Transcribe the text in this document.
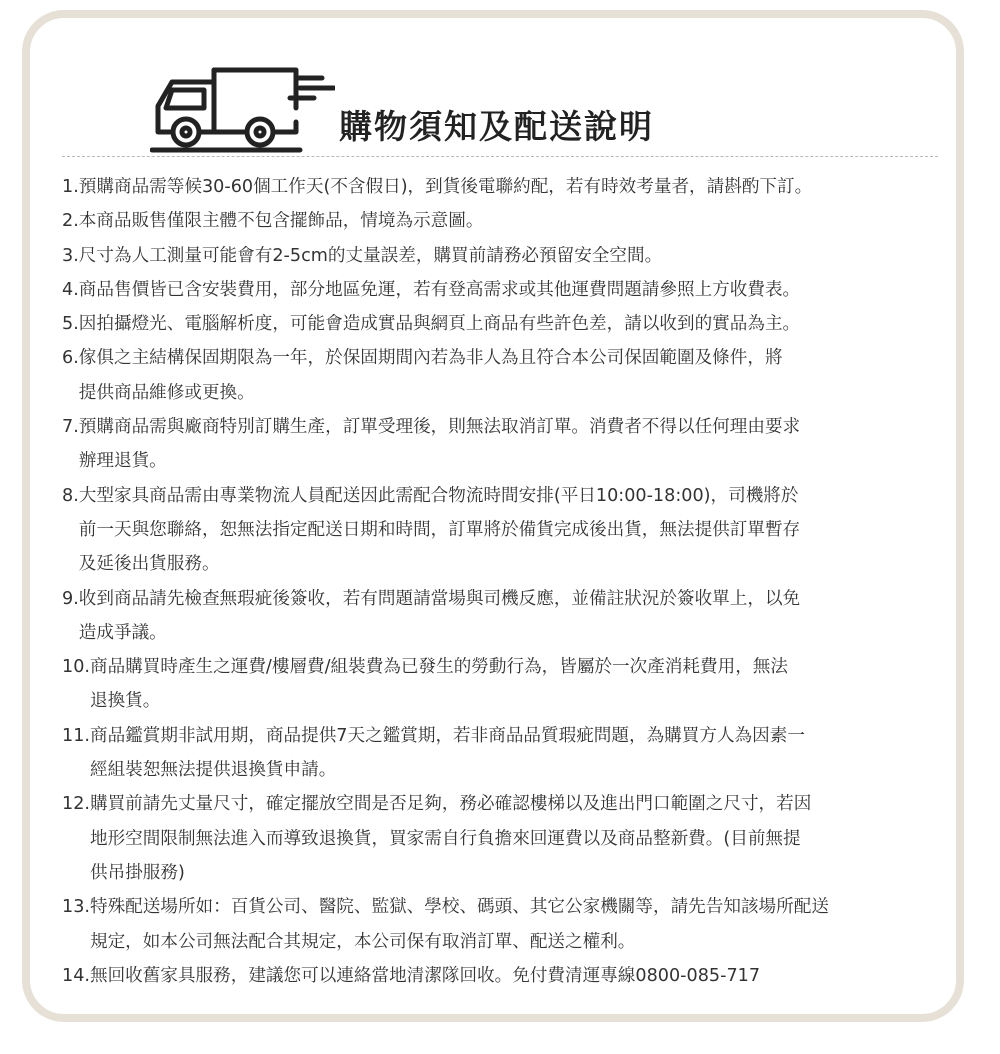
購物須知及配送說明
1. 預購商品需等候30-60個工作天(不含假日)，到貨後電聯約配，若有時效考量者，請斟酌下訂。
2. 本商品販售僅限主體不包含擺飾品，情境為示意圖。
3. 尺寸為人工測量可能會有2-5cm的丈量誤差，購買前請務必預留安全空間。
4. 商品售價皆已含安裝費用，部分地區免運，若有登高需求或其他運費問題請參照上方收費表。
5. 因拍攝燈光、電腦解析度，可能會造成實品與網頁上商品有些許色差，請以收到的實品為主。
6. 傢俱之主結構保固期限為一年，於保固期間內若為非人為且符合本公司保固範圍及條件，將
提供商品維修或更換。
7. 預購商品需與廠商特別訂購生產，訂單受理後，則無法取消訂單。消費者不得以任何理由要求
辦理退貨。
8. 大型家具商品需由專業物流人員配送因此需配合物流時間安排(平日10:00-18:00)，司機將於
前一天與您聯絡，恕無法指定配送日期和時間，訂單將於備貨完成後出貨，無法提供訂單暫存
及延後出貨服務。
9. 收到商品請先檢查無瑕疵後簽收，若有問題請當場與司機反應，並備註狀況於簽收單上，以免
造成爭議。
10. 商品購買時產生之運費/樓層費/組裝費為已發生的勞動行為，皆屬於一次產消耗費用，無法
退換貨。
11. 商品鑑賞期非試用期，商品提供7天之鑑賞期，若非商品品質瑕疵問題，為購買方人為因素一
經組裝恕無法提供退換貨申請。
12. 購買前請先丈量尺寸，確定擺放空間是否足夠，務必確認樓梯以及進出門口範圍之尺寸，若因
地形空間限制無法進入而導致退換貨，買家需自行負擔來回運費以及商品整新費。(目前無提
供吊掛服務)
13. 特殊配送場所如：百貨公司、醫院、監獄、學校、碼頭、其它公家機關等，請先告知該場所配送
規定，如本公司無法配合其規定，本公司保有取消訂單、配送之權利。
14. 無回收舊家具服務，建議您可以連絡當地清潔隊回收。免付費清運專線0800-085-717
